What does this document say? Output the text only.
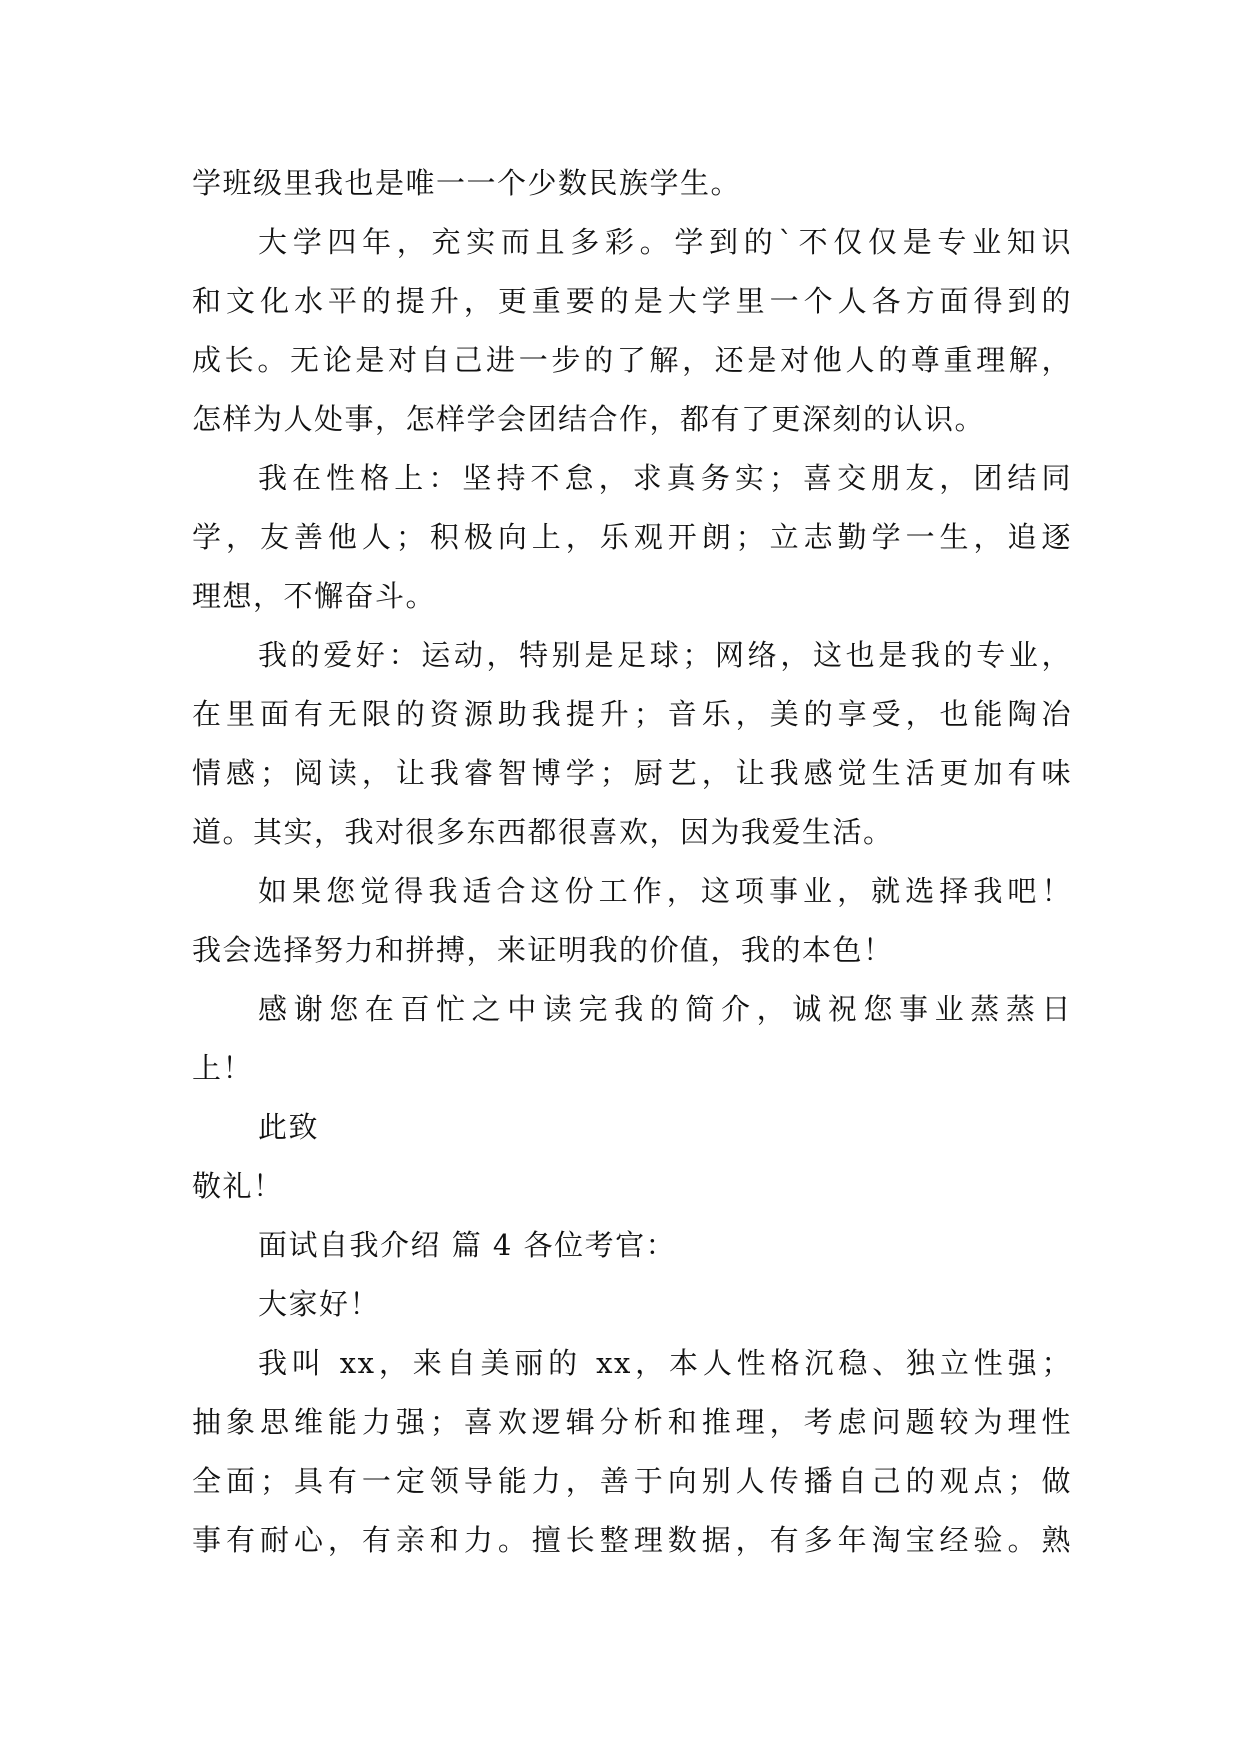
学班级里我也是唯一一个少数民族学生。
大学四年，充实而且多彩。学到的`不仅仅是专业知识
和文化水平的提升，更重要的是大学里一个人各方面得到的
成长。无论是对自己进一步的了解，还是对他人的尊重理解，
怎样为人处事，怎样学会团结合作，都有了更深刻的认识。
我在性格上：坚持不怠，求真务实；喜交朋友，团结同
学，友善他人；积极向上，乐观开朗；立志勤学一生，追逐
理想，不懈奋斗。
我的爱好：运动，特别是足球；网络，这也是我的专业，
在里面有无限的资源助我提升；音乐，美的享受，也能陶冶
情感；阅读，让我睿智博学；厨艺，让我感觉生活更加有味
道。其实，我对很多东西都很喜欢，因为我爱生活。
如果您觉得我适合这份工作，这项事业，就选择我吧！
我会选择努力和拼搏，来证明我的价值，我的本色！
感谢您在百忙之中读完我的简介，诚祝您事业蒸蒸日
上！
此致
敬礼！
面试自我介绍 篇 4 各位考官：
大家好！
我叫 xx，来自美丽的 xx，本人性格沉稳、独立性强；
抽象思维能力强；喜欢逻辑分析和推理，考虑问题较为理性
全面；具有一定领导能力，善于向别人传播自己的观点；做
事有耐心，有亲和力。擅长整理数据，有多年淘宝经验。熟
